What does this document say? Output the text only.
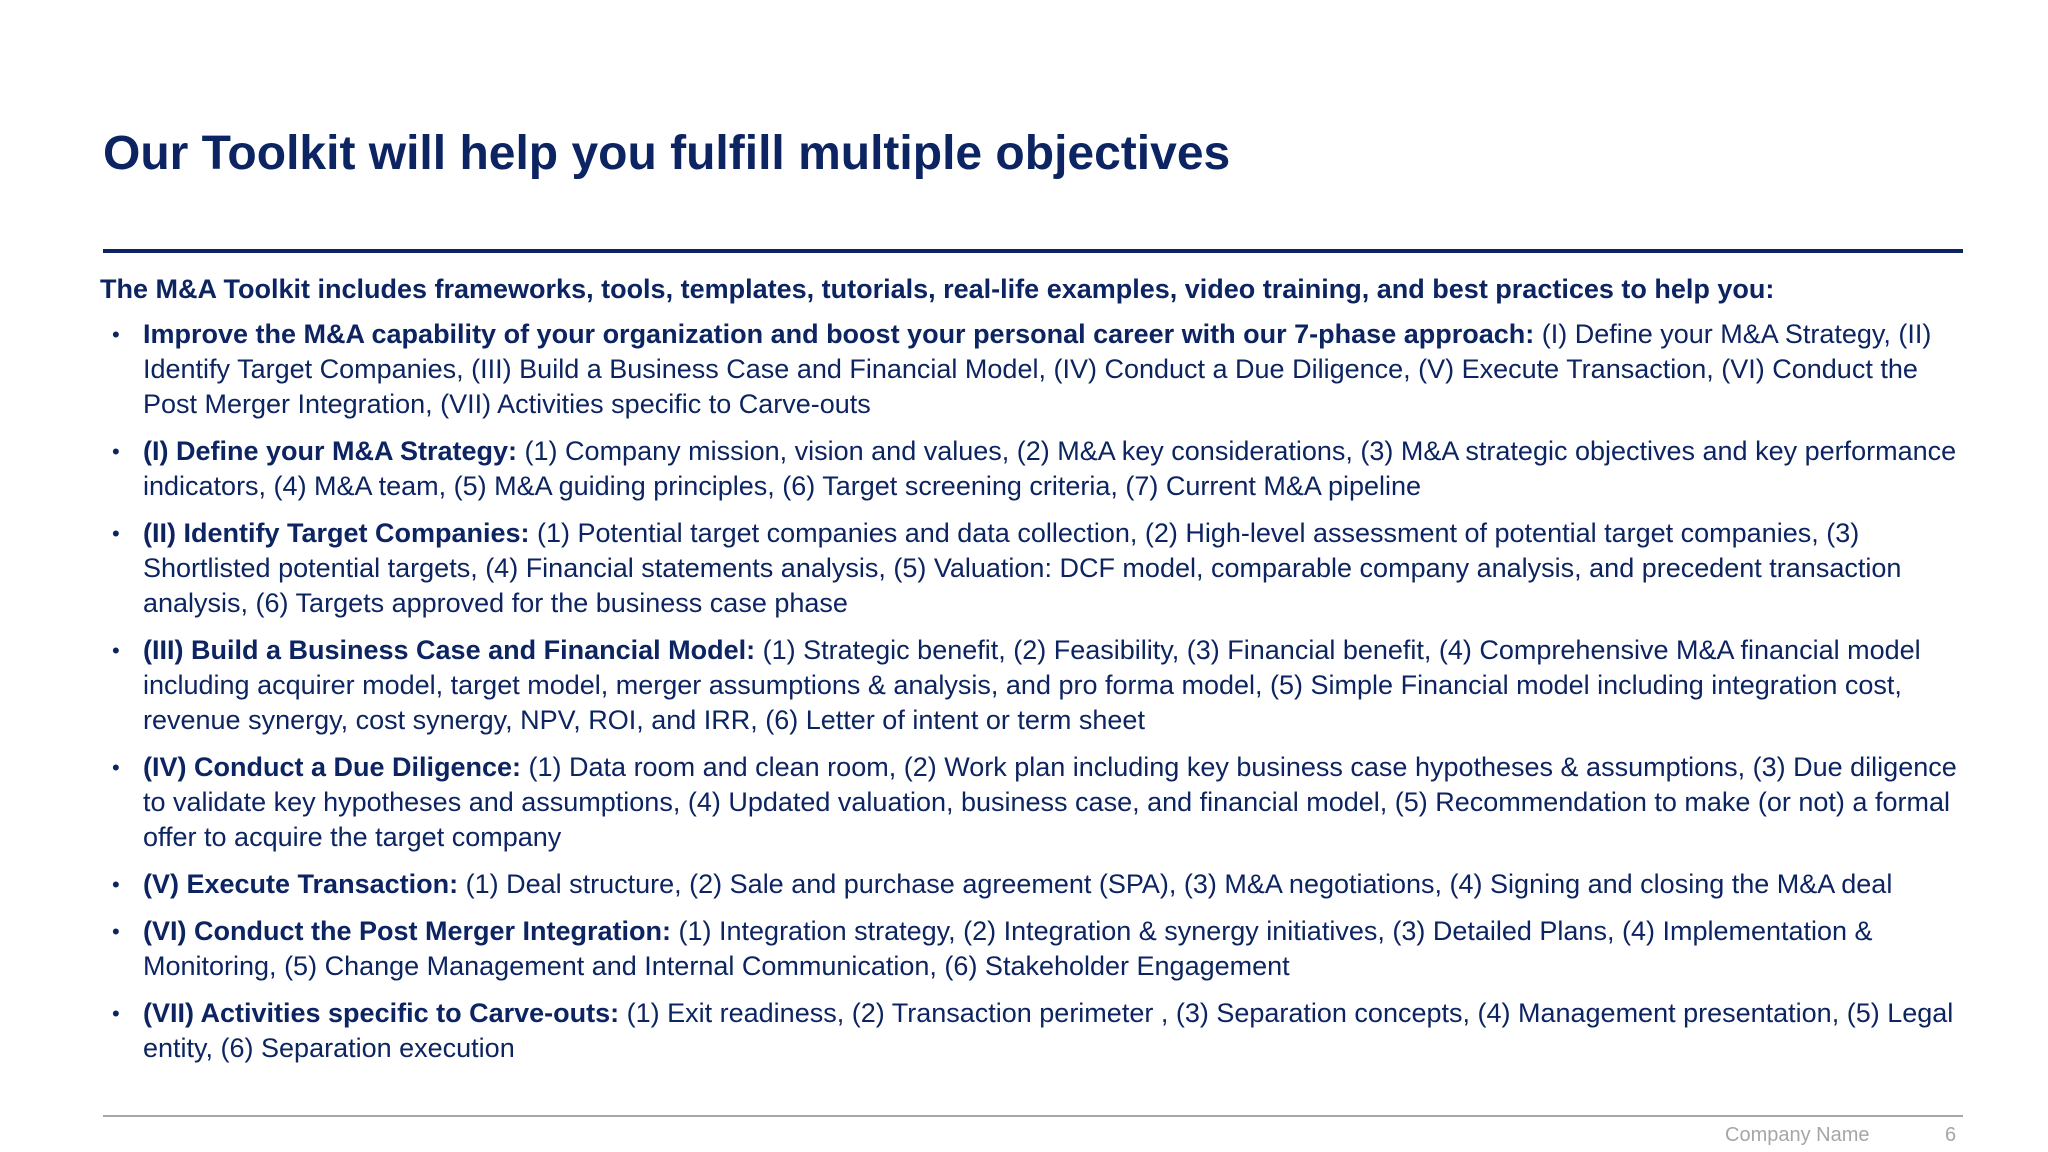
Our Toolkit will help you fulfill multiple objectives

The M&A Toolkit includes frameworks, tools, templates, tutorials, real-life examples, video training, and best practices to help you:

• Improve the M&A capability of your organization and boost your personal career with our 7-phase approach: (I) Define your M&A Strategy, (II) Identify Target Companies, (III) Build a Business Case and Financial Model, (IV) Conduct a Due Diligence, (V) Execute Transaction, (VI) Conduct the Post Merger Integration, (VII) Activities specific to Carve-outs
• (I) Define your M&A Strategy: (1) Company mission, vision and values, (2) M&A key considerations, (3) M&A strategic objectives and key performance indicators, (4) M&A team, (5) M&A guiding principles, (6) Target screening criteria, (7) Current M&A pipeline
• (II) Identify Target Companies: (1) Potential target companies and data collection, (2) High-level assessment of potential target companies, (3) Shortlisted potential targets, (4) Financial statements analysis, (5) Valuation: DCF model, comparable company analysis, and precedent transaction analysis, (6) Targets approved for the business case phase
• (III) Build a Business Case and Financial Model: (1) Strategic benefit, (2) Feasibility, (3) Financial benefit, (4) Comprehensive M&A financial model including acquirer model, target model, merger assumptions & analysis, and pro forma model, (5) Simple Financial model including integration cost, revenue synergy, cost synergy, NPV, ROI, and IRR, (6) Letter of intent or term sheet
• (IV) Conduct a Due Diligence: (1) Data room and clean room, (2) Work plan including key business case hypotheses & assumptions, (3) Due diligence to validate key hypotheses and assumptions, (4) Updated valuation, business case, and financial model, (5) Recommendation to make (or not) a formal offer to acquire the target company
• (V) Execute Transaction: (1) Deal structure, (2) Sale and purchase agreement (SPA), (3) M&A negotiations, (4) Signing and closing the M&A deal
• (VI) Conduct the Post Merger Integration: (1) Integration strategy, (2) Integration & synergy initiatives, (3) Detailed Plans, (4) Implementation & Monitoring, (5) Change Management and Internal Communication, (6) Stakeholder Engagement
• (VII) Activities specific to Carve-outs: (1) Exit readiness, (2) Transaction perimeter , (3) Separation concepts, (4) Management presentation, (5) Legal entity, (6) Separation execution
Company Name	6
